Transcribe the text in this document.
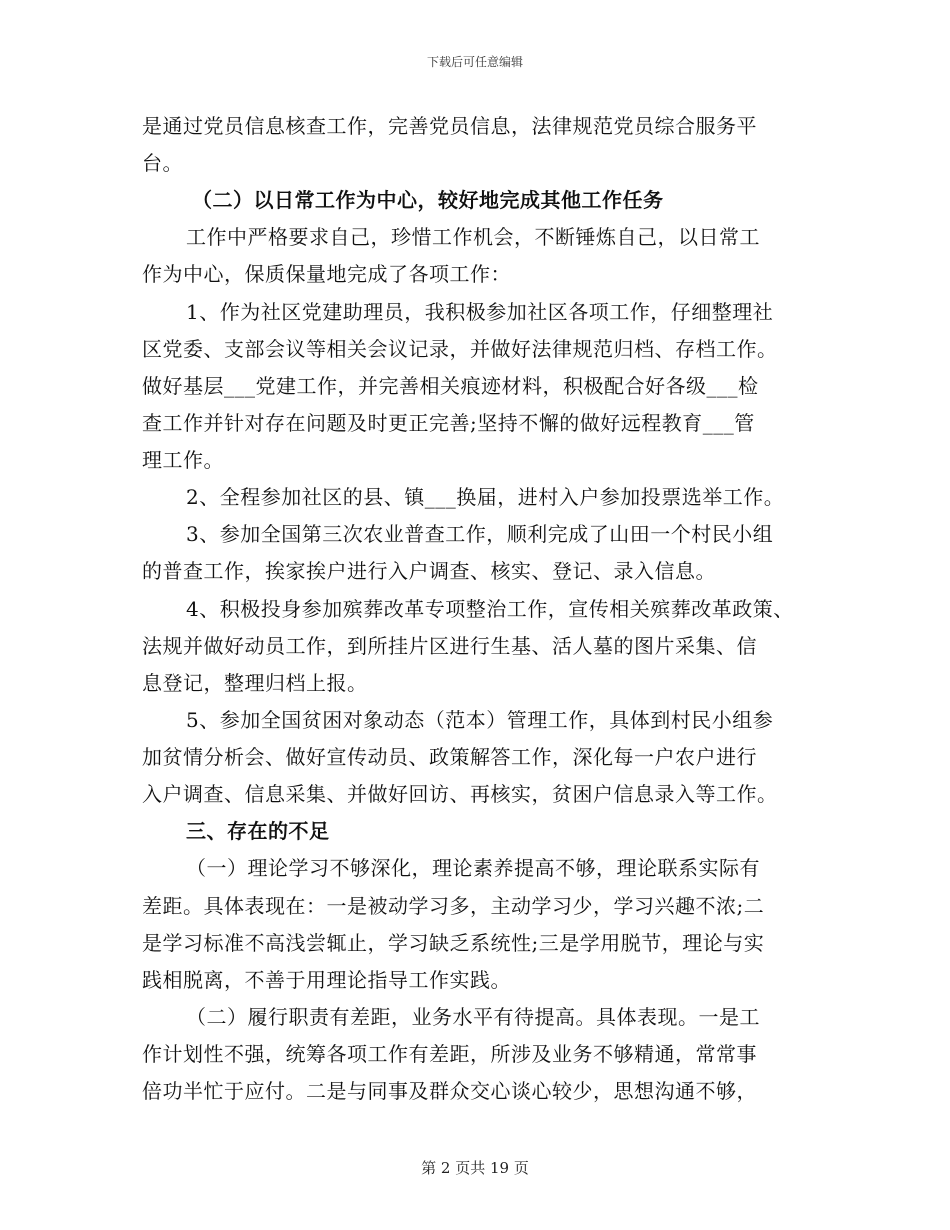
下载后可任意编辑
是通过党员信息核查工作，完善党员信息，法律规范党员综合服务平
台。
（二）以日常工作为中心，较好地完成其他工作任务
工作中严格要求自己，珍惜工作机会，不断锤炼自己，以日常工
作为中心，保质保量地完成了各项工作：
1、作为社区党建助理员，我积极参加社区各项工作，仔细整理社
区党委、支部会议等相关会议记录，并做好法律规范归档、存档工作。
做好基层___党建工作，并完善相关痕迹材料，积极配合好各级___检
查工作并针对存在问题及时更正完善;坚持不懈的做好远程教育___管
理工作。
2、全程参加社区的县、镇___换届，进村入户参加投票选举工作。
3、参加全国第三次农业普查工作，顺利完成了山田一个村民小组
的普查工作，挨家挨户进行入户调查、核实、登记、录入信息。
4、积极投身参加殡葬改革专项整治工作，宣传相关殡葬改革政策、
法规并做好动员工作，到所挂片区进行生基、活人墓的图片采集、信
息登记，整理归档上报。
5、参加全国贫困对象动态（范本）管理工作，具体到村民小组参
加贫情分析会、做好宣传动员、政策解答工作，深化每一户农户进行
入户调查、信息采集、并做好回访、再核实，贫困户信息录入等工作。
三、存在的不足
（一）理论学习不够深化，理论素养提高不够，理论联系实际有
差距。具体表现在：一是被动学习多，主动学习少，学习兴趣不浓;二
是学习标准不高浅尝辄止，学习缺乏系统性;三是学用脱节，理论与实
践相脱离，不善于用理论指导工作实践。
（二）履行职责有差距，业务水平有待提高。具体表现。一是工
作计划性不强，统筹各项工作有差距，所涉及业务不够精通，常常事
倍功半忙于应付。二是与同事及群众交心谈心较少，思想沟通不够，
第 2 页共 19 页
